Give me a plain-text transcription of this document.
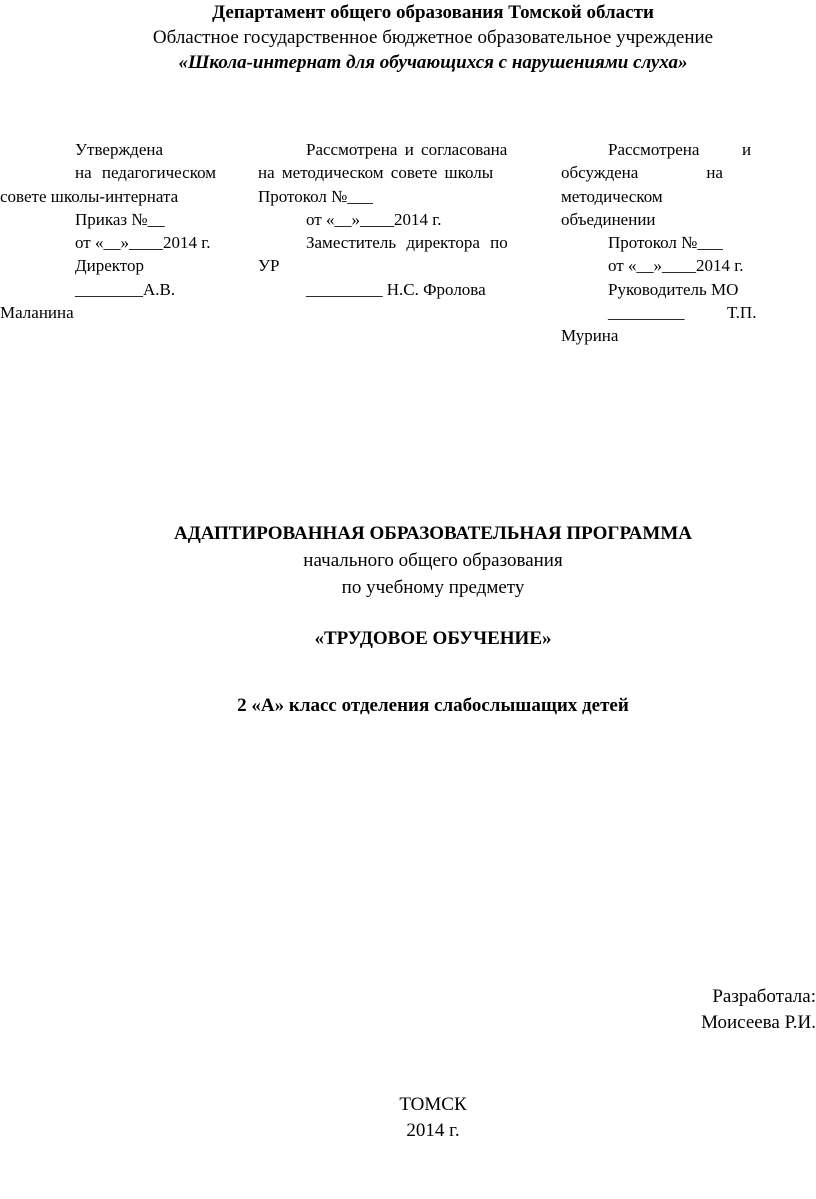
Департамент общего образования Томской области
Областное государственное бюджетное образовательное учреждение
«Школа-интернат для обучающихся с нарушениями слуха»
Утверждена
на педагогическом
совете школы-интерната
Приказ №__
от «__»____2014 г.
Директор
________А.В.
Маланина
Рассмотрена и согласована
на методическом совете школы
Протокол №___
от «__»____2014 г.
Заместитель директора по
УР
_________ Н.С. Фролова
Рассмотрена          и
обсуждена                на
методическом
объединении
Протокол №___
от «__»____2014 г.
Руководитель МО
_________          Т.П.
Мурина
АДАПТИРОВАННАЯ ОБРАЗОВАТЕЛЬНАЯ ПРОГРАММА
начального общего образования
по учебному предмету
«ТРУДОВОЕ ОБУЧЕНИЕ»
2 «А» класс отделения слабослышащих детей
Разработала:
Моисеева Р.И.
ТОМСК
2014 г.
